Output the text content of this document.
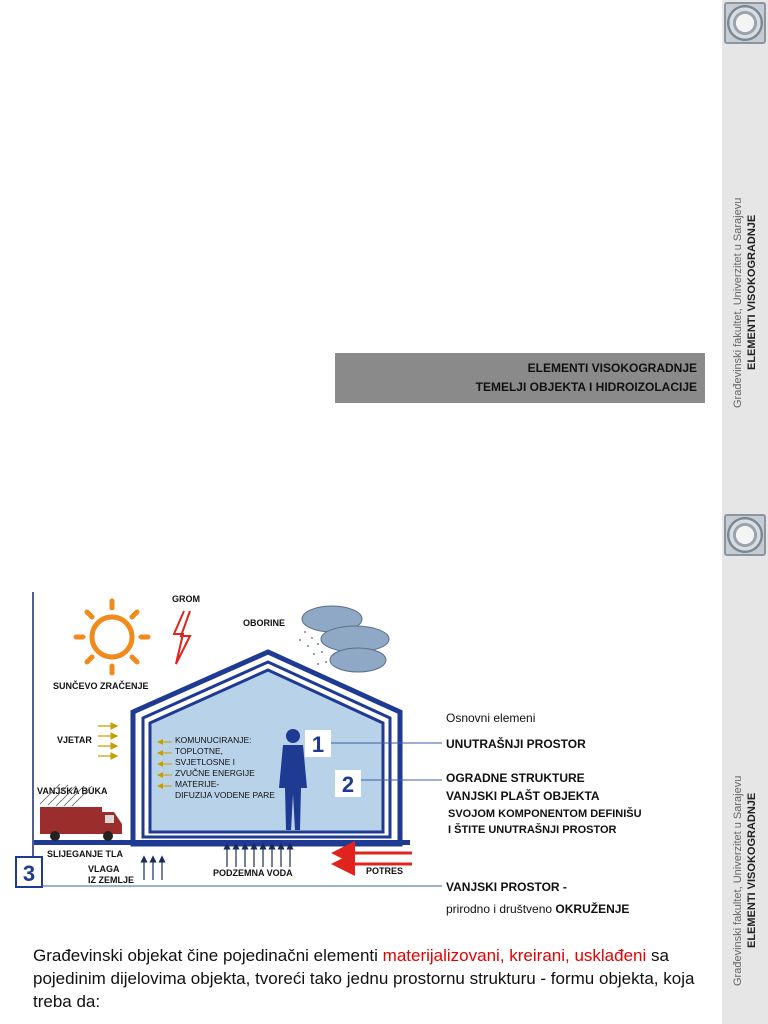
Građevinski fakultet, Univerzitet u Sarajevu ELEMENTI VISOKOGRADNJE
ELEMENTI VISOKOGRADNJE
TEMELJI OBJEKTA I HIDROIZOLACIJE
Građevinski fakultet, Univerzitet u Sarajevu ELEMENTI VISOKOGRADNJE
SUNČEVO ZRAČENJE
GROM
OBORINE
1
2
3
KOMUNUCIRANJE:
TOPLOTNE,
SVJETLOSNE I
ZVUČNE ENERGIJE
MATERIJE-
DIFUZIJA VODENE PARE
VJETAR
VANJSKA BUKA
SLIJEGANJE TLA
VLAGA
IZ ZEMLJE
PODZEMNA VODA	POTRES
Osnovni elemeni
UNUTRAŠNJI PROSTOR
OGRADNE STRUKTURE
VANJSKI PLAŠT OBJEKTA
SVOJOM KOMPONENTOM DEFINIŠU
I ŠTITE UNUTRAŠNJI PROSTOR
VANJSKI PROSTOR -
prirodno i društveno OKRUŽENJE
Građevinski objekat čine pojedinačni elementi materijalizovani, kreirani, usklađeni sa pojedinim dijelovima objekta, tvoreći tako jednu prostornu strukturu - formu objekta, koja treba da:
